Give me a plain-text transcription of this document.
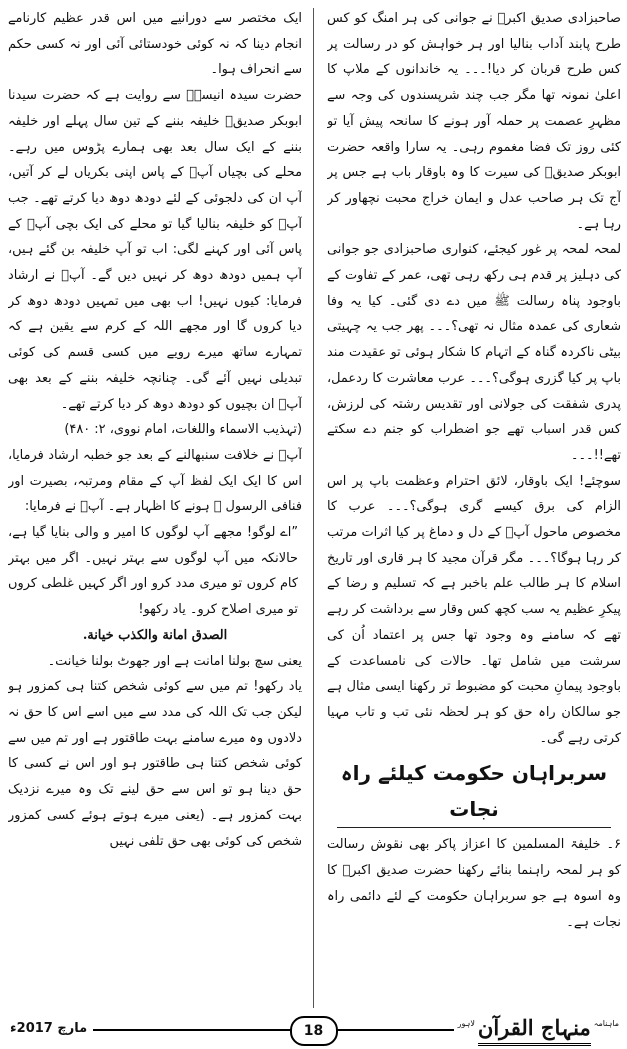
صاحبزادی صدیق اکبرؓ نے جوانی کی ہر امنگ کو کس طرح پابند آداب بنالیا اور ہر خواہش کو در رسالت پر کس طرح قربان کر دیا!۔۔۔ یہ خاندانوں کے ملاپ کا اعلیٰ نمونہ تھا مگر جب چند شرپسندوں کی وجہ سے مظہرِ عصمت پر حملہ آور ہونے کا سانحہ پیش آیا تو کئی روز تک فضا مغموم رہی۔ یہ سارا واقعہ حضرت ابوبکر صدیقؓ کی سیرت کا وہ باوقار باب ہے جس پر آج تک ہر صاحب عدل و ایمان خراج محبت نچھاور کر رہا ہے۔

لمحہ لمحہ پر غور کیجئے، کنواری صاحبزادی جو جوانی کی دہلیز پر قدم ہی رکھ رہی تھی، عمر کے تفاوت کے باوجود پناہ رسالت ﷺ میں دے دی گئی۔ کیا یہ وفا شعاری کی عمدہ مثال نہ تھی؟۔۔۔ پھر جب یہ چہیتی بیٹی ناکردہ گناہ کے اتہام کا شکار ہوئی تو عقیدت مند باپ پر کیا گزری ہوگی؟۔۔۔ عرب معاشرت کا ردعمل، پدری شفقت کی جولانی اور تقدیس رشتہ کی لرزش، کس قدر اسباب تھے جو اضطراب کو جنم دے سکتے تھے!!۔۔۔

سوچئے! ایک باوقار، لائق احترام وعظمت باپ پر اس الزام کی برق کیسے گری ہوگی؟۔۔۔ عرب کا مخصوص ماحول آپؓ کے دل و دماغ پر کیا اثرات مرتب کر رہا ہوگا؟۔۔۔ مگر قرآن مجید کا ہر قاری اور تاریخ اسلام کا ہر طالب علم باخبر ہے کہ تسلیم و رضا کے پیکرِ عظیم یہ سب کچھ کس وقار سے برداشت کر رہے تھے کہ سامنے وہ وجود تھا جس پر اعتماد اُن کی سرشت میں شامل تھا۔ حالات کی نامساعدت کے باوجود پیمانِ محبت کو مضبوط تر رکھنا ایسی مثال ہے جو سالکان راہ حق کو ہر لحظہ نئی تب و تاب مہیا کرتی رہے گی۔

سربراہان حکومت کیلئے راہ نجات

۶۔ خلیفۃ المسلمین کا اعزاز پاکر بھی نقوش رسالت کو ہر لمحہ راہنما بنائے رکھنا حضرت صدیق اکبرؓ کا وہ اسوہ ہے جو سربراہان حکومت کے لئے دائمی راہ نجات ہے۔

ایک مختصر سے دورانیے میں اس قدر عظیم کارنامے انجام دینا کہ نہ کوئی خودستائی آئی اور نہ کسی حکم سے انحراف ہوا۔

حضرت سیدہ انیسہؓ سے روایت ہے کہ حضرت سیدنا ابوبکر صدیقؓ خلیفہ بننے کے تین سال پہلے اور خلیفہ بننے کے ایک سال بعد بھی ہمارے پڑوس میں رہے۔ محلے کی بچیاں آپؓ کے پاس اپنی بکریاں لے کر آتیں، آپ ان کی دلجوئی کے لئے دودھ دوھ دیا کرتے تھے۔ جب آپؓ کو خلیفہ بنالیا گیا تو محلے کی ایک بچی آپؓ کے پاس آئی اور کہنے لگی: اب تو آپ خلیفہ بن گئے ہیں، آپ ہمیں دودھ دوھ کر نہیں دیں گے۔ آپؓ نے ارشاد فرمایا: کیوں نہیں! اب بھی میں تمہیں دودھ دوھ کر دیا کروں گا اور مجھے اللہ کے کرم سے یقین ہے کہ تمہارے ساتھ میرے رویے میں کسی قسم کی کوئی تبدیلی نہیں آئے گی۔ چنانچہ خلیفہ بننے کے بعد بھی آپؓ ان بچیوں کو دودھ دوھ کر دیا کرتے تھے۔

(تہذیب الاسماء واللغات، امام نووی، ۲: ۴۸۰)

آپؓ نے خلافت سنبھالنے کے بعد جو خطبہ ارشاد فرمایا، اس کا ایک ایک لفظ آپ کے مقام ومرتبہ، بصیرت اور فنافی الرسول ﷺ ہونے کا اظہار ہے۔ آپؓ نے فرمایا:

”اے لوگو! مجھے آپ لوگوں کا امیر و والی بنایا گیا ہے، حالانکہ میں آپ لوگوں سے بہتر نہیں۔ اگر میں بہتر کام کروں تو میری مدد کرو اور اگر کہیں غلطی کروں تو میری اصلاح کرو۔ یاد رکھو!

الصدق امانة والكذب خيانة.

یعنی سچ بولنا امانت ہے اور جھوٹ بولنا خیانت۔

یاد رکھو! تم میں سے کوئی شخص کتنا ہی کمزور ہو لیکن جب تک اللہ کی مدد سے میں اسے اس کا حق نہ دلادوں وہ میرے سامنے بہت طاقتور ہے اور تم میں سے کوئی شخص کتنا ہی طاقتور ہو اور اس نے کسی کا حق دینا ہو تو اس سے حق لینے تک وہ میرے نزدیک بہت کمزور ہے۔ (یعنی میرے ہوتے ہوئے کسی کمزور شخص کی کوئی بھی حق تلفی نہیں

مارچ 2017ء	18	ماہنامہ
منہاج القرآن
لاہور
